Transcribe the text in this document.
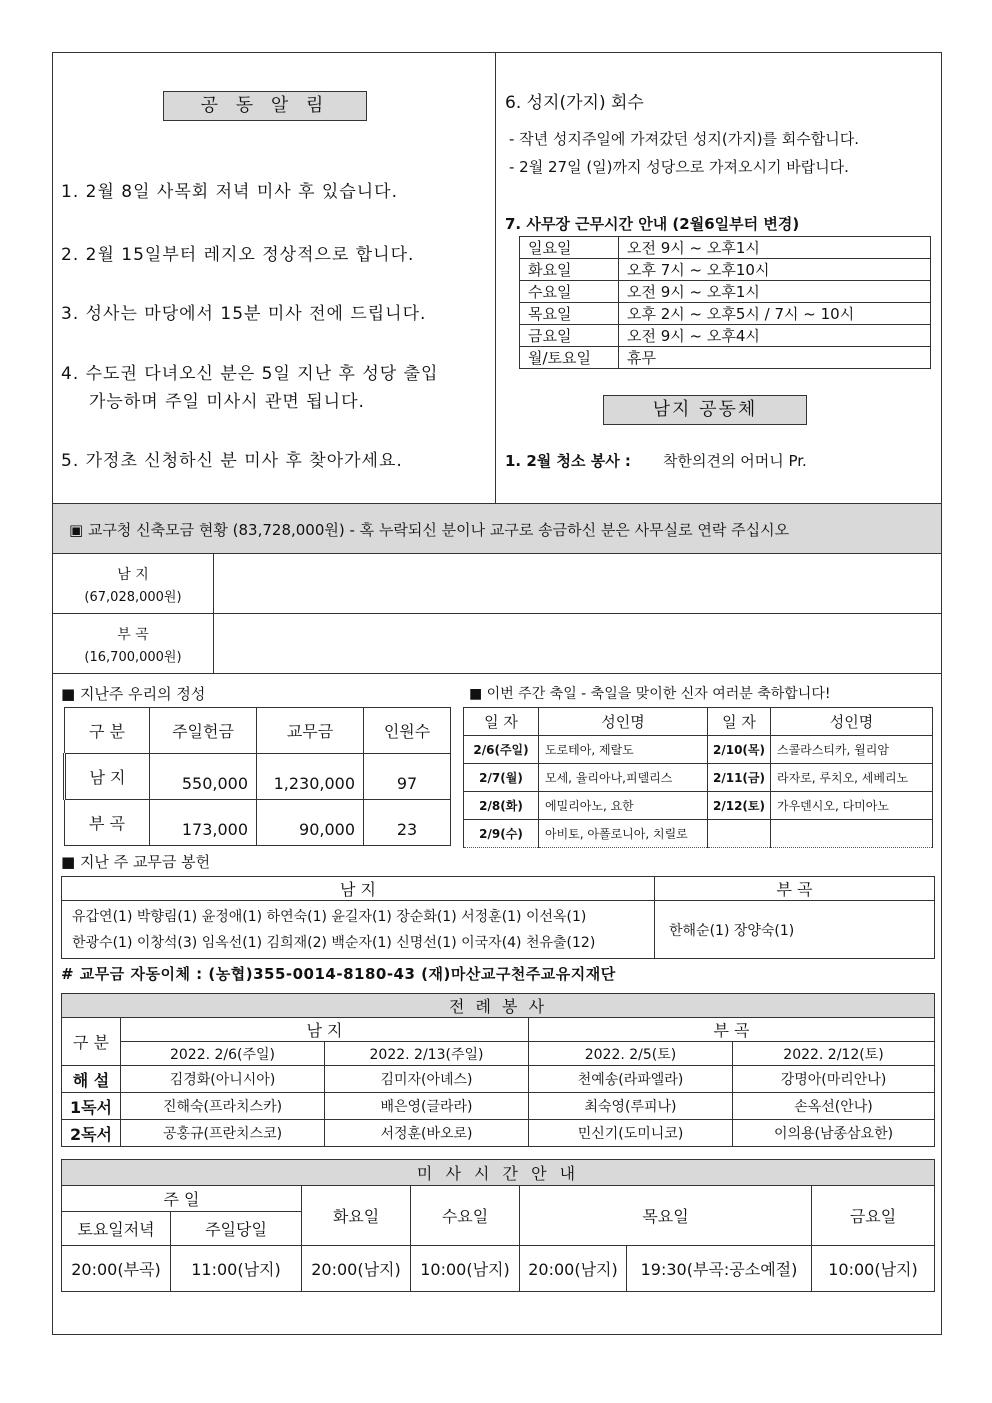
공 동 알 림
1. 2월 8일 사목회 저녁 미사 후 있습니다.
2. 2월 15일부터 레지오 정상적으로 합니다.
3. 성사는 마당에서 15분 미사 전에 드립니다.
4. 수도권 다녀오신 분은 5일 지난 후 성당 출입
가능하며 주일 미사시 관면 됩니다.
5. 가정초 신청하신 분 미사 후 찾아가세요.
6. 성지(가지) 회수
- 작년 성지주일에 가져갔던 성지(가지)를 회수합니다.
- 2월 27일 (일)까지 성당으로 가져오시기 바랍니다.
7. 사무장 근무시간 안내 (2월6일부터 변경)
일요일	오전 9시 ~ 오후1시
화요일	오후 7시 ~ 오후10시
수요일	오전 9시 ~ 오후1시
목요일	오후 2시 ~ 오후5시 / 7시 ~ 10시
금요일	오전 9시 ~ 오후4시
월/토요일	휴무
남지 공동체
1. 2월 청소 봉사 : 착한의견의 어머니 Pr.
▣ 교구청 신축모금 현황 (83,728,000원) - 혹 누락되신 분이나 교구로 송금하신 분은 사무실로 연락 주십시오
남 지
(67,028,000원)
부 곡
(16,700,000원)
■ 지난주 우리의 정성
구 분	주일헌금	교무금	인원수
남 지	550,000	1,230,000	97
부 곡	173,000	90,000	23
■ 이번 주간 축일 - 축일을 맞이한 신자 여러분 축하합니다!
일 자	성인명	일 자	성인명
2/6(주일)	도로테아, 제랄도	2/10(목)	스콜라스티카, 윌리암
2/7(월)	모세, 율리아나,피델리스	2/11(금)	라자로, 루치오, 세베리노
2/8(화)	에밀리아노, 요한	2/12(토)	가우덴시오, 다미아노
2/9(수)	아비토, 아폴로니아, 치릴로		
■ 지난 주 교무금 봉헌
남 지	부 곡

유갑연(1) 박향림(1) 윤정애(1) 하연숙(1) 윤길자(1) 장순화(1) 서정훈(1) 이선옥(1)
한광수(1) 이창석(3) 임옥선(1) 김희재(2) 백순자(1) 신명선(1) 이국자(4) 천유출(12)	한해순(1) 장양숙(1)
# 교무금 자동이체 : (농협)355-0014-8180-43 (재)마산교구천주교유지재단
전 례 봉 사				
구 분	남 지		부 곡	
	2022. 2/6(주일)	2022. 2/13(주일)	2022. 2/5(토)	2022. 2/12(토)
해 설	김경화(아니시아)	김미자(아녜스)	천예송(라파엘라)	강명아(마리안나)
1독서	진해숙(프라치스카)	배은영(글라라)	최숙영(루피나)	손옥선(안나)
2독서	공홍규(프란치스코)	서정훈(바오로)	민신기(도미니코)	이의용(남종삼요한)
미 사 시 간 안 내						
주 일		화요일	수요일	목요일		금요일
토요일저녁	주일당일					
20:00(부곡)	11:00(남지)	20:00(남지)	10:00(남지)	20:00(남지)	19:30(부곡:공소예절)	10:00(남지)
